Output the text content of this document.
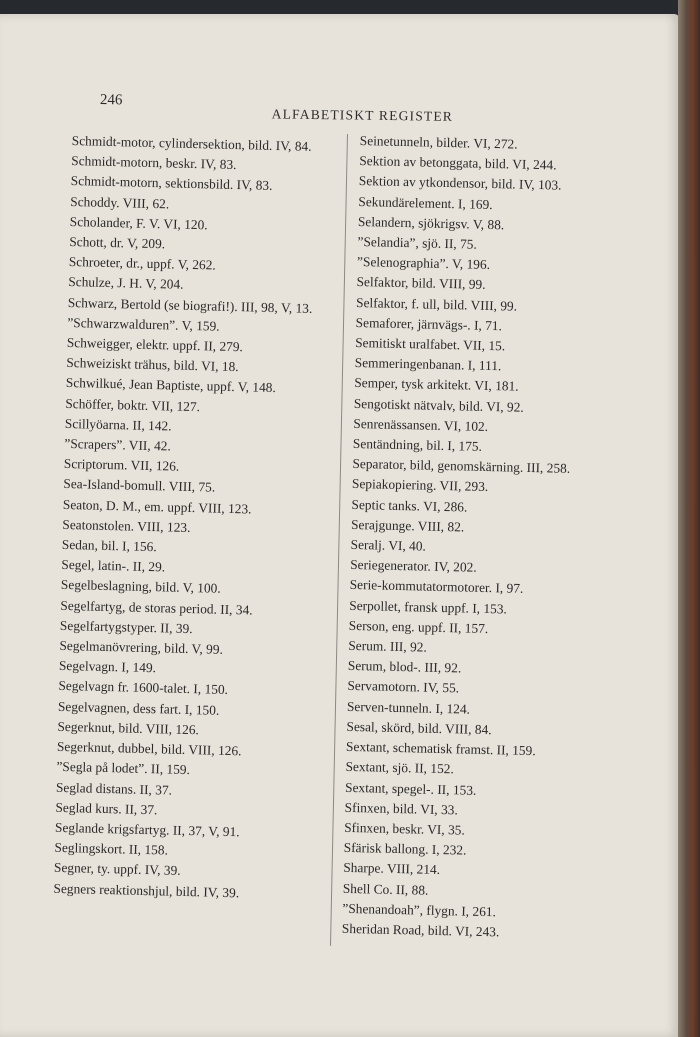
246
ALFABETISKT REGISTER
Schmidt-motor, cylindersektion, bild. IV, 84.
Schmidt-motorn, beskr. IV, 83.
Schmidt-motorn, sektionsbild. IV, 83.
Schoddy. VIII, 62.
Scholander, F. V. VI, 120.
Schott, dr. V, 209.
Schroeter, dr., uppf. V, 262.
Schulze, J. H. V, 204.
Schwarz, Bertold (se biografi!). III, 98, V, 13.
”Schwarzwalduren”. V, 159.
Schweigger, elektr. uppf. II, 279.
Schweiziskt trähus, bild. VI, 18.
Schwilkué, Jean Baptiste, uppf. V, 148.
Schöffer, boktr. VII, 127.
Scillyöarna. II, 142.
”Scrapers”. VII, 42.
Scriptorum. VII, 126.
Sea-Island-bomull. VIII, 75.
Seaton, D. M., em. uppf. VIII, 123.
Seatonstolen. VIII, 123.
Sedan, bil. I, 156.
Segel, latin-. II, 29.
Segelbeslagning, bild. V, 100.
Segelfartyg, de storas period. II, 34.
Segelfartygstyper. II, 39.
Segelmanövrering, bild. V, 99.
Segelvagn. I, 149.
Segelvagn fr. 1600-talet. I, 150.
Segelvagnen, dess fart. I, 150.
Segerknut, bild. VIII, 126.
Segerknut, dubbel, bild. VIII, 126.
”Segla på lodet”. II, 159.
Seglad distans. II, 37.
Seglad kurs. II, 37.
Seglande krigsfartyg. II, 37, V, 91.
Seglingskort. II, 158.
Segner, ty. uppf. IV, 39.
Segners reaktionshjul, bild. IV, 39.
Seinetunneln, bilder. VI, 272.
Sektion av betonggata, bild. VI, 244.
Sektion av ytkondensor, bild. IV, 103.
Sekundärelement. I, 169.
Selandern, sjökrigsv. V, 88.
”Selandia”, sjö. II, 75.
”Selenographia”. V, 196.
Selfaktor, bild. VIII, 99.
Selfaktor, f. ull, bild. VIII, 99.
Semaforer, järnvägs-. I, 71.
Semitiskt uralfabet. VII, 15.
Semmeringenbanan. I, 111.
Semper, tysk arkitekt. VI, 181.
Sengotiskt nätvalv, bild. VI, 92.
Senrenässansen. VI, 102.
Sentändning, bil. I, 175.
Separator, bild, genomskärning. III, 258.
Sepiakopiering. VII, 293.
Septic tanks. VI, 286.
Serajgunge. VIII, 82.
Seralj. VI, 40.
Seriegenerator. IV, 202.
Serie-kommutatormotorer. I, 97.
Serpollet, fransk uppf. I, 153.
Serson, eng. uppf. II, 157.
Serum. III, 92.
Serum, blod-. III, 92.
Servamotorn. IV, 55.
Serven-tunneln. I, 124.
Sesal, skörd, bild. VIII, 84.
Sextant, schematisk framst. II, 159.
Sextant, sjö. II, 152.
Sextant, spegel-. II, 153.
Sfinxen, bild. VI, 33.
Sfinxen, beskr. VI, 35.
Sfärisk ballong. I, 232.
Sharpe. VIII, 214.
Shell Co. II, 88.
”Shenandoah”, flygn. I, 261.
Sheridan Road, bild. VI, 243.
